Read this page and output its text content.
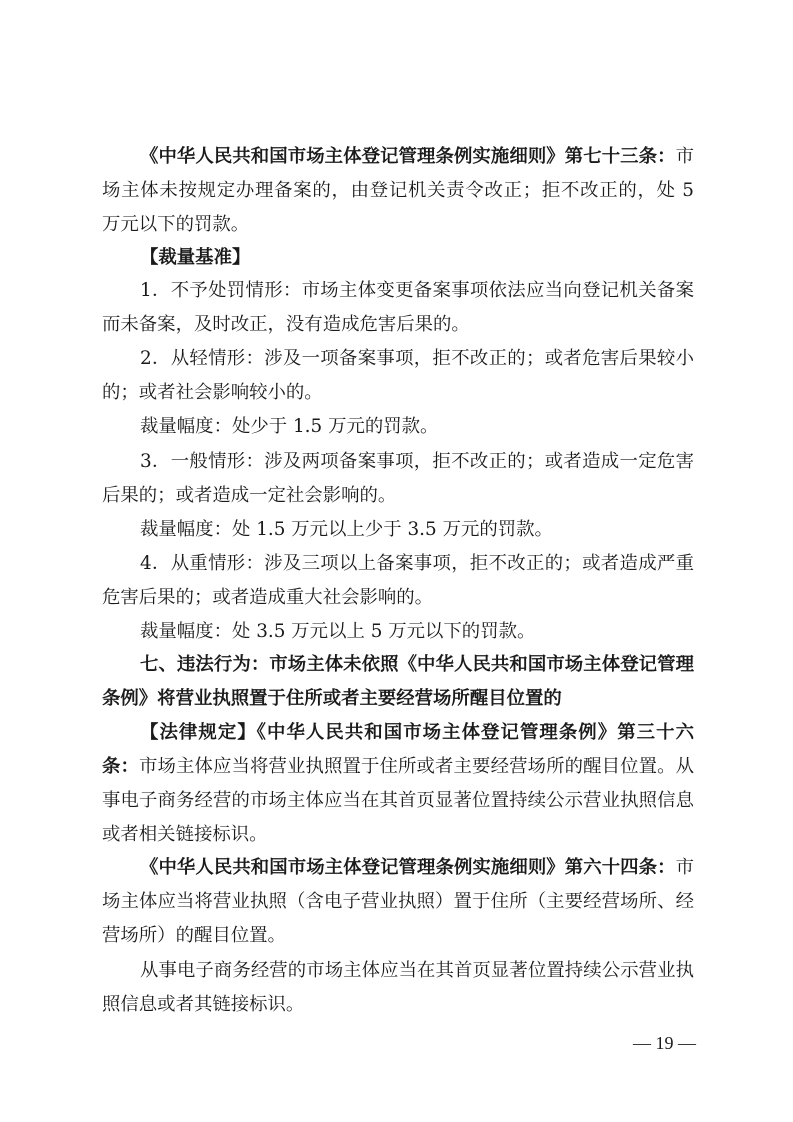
《中华人民共和国市场主体登记管理条例实施细则》第七十三条：市场主体未按规定办理备案的，由登记机关责令改正；拒不改正的，处 5 万元以下的罚款。
【裁量基准】
1．不予处罚情形：市场主体变更备案事项依法应当向登记机关备案而未备案，及时改正，没有造成危害后果的。
2．从轻情形：涉及一项备案事项，拒不改正的；或者危害后果较小的；或者社会影响较小的。
裁量幅度：处少于 1.5 万元的罚款。
3．一般情形：涉及两项备案事项，拒不改正的；或者造成一定危害后果的；或者造成一定社会影响的。
裁量幅度：处 1.5 万元以上少于 3.5 万元的罚款。
4．从重情形：涉及三项以上备案事项，拒不改正的；或者造成严重危害后果的；或者造成重大社会影响的。
裁量幅度：处 3.5 万元以上 5 万元以下的罚款。
七、违法行为：市场主体未依照《中华人民共和国市场主体登记管理条例》将营业执照置于住所或者主要经营场所醒目位置的
【法律规定】《中华人民共和国市场主体登记管理条例》第三十六条：市场主体应当将营业执照置于住所或者主要经营场所的醒目位置。从事电子商务经营的市场主体应当在其首页显著位置持续公示营业执照信息或者相关链接标识。
《中华人民共和国市场主体登记管理条例实施细则》第六十四条：市场主体应当将营业执照（含电子营业执照）置于住所（主要经营场所、经营场所）的醒目位置。
从事电子商务经营的市场主体应当在其首页显著位置持续公示营业执照信息或者其链接标识。
— 19 —
